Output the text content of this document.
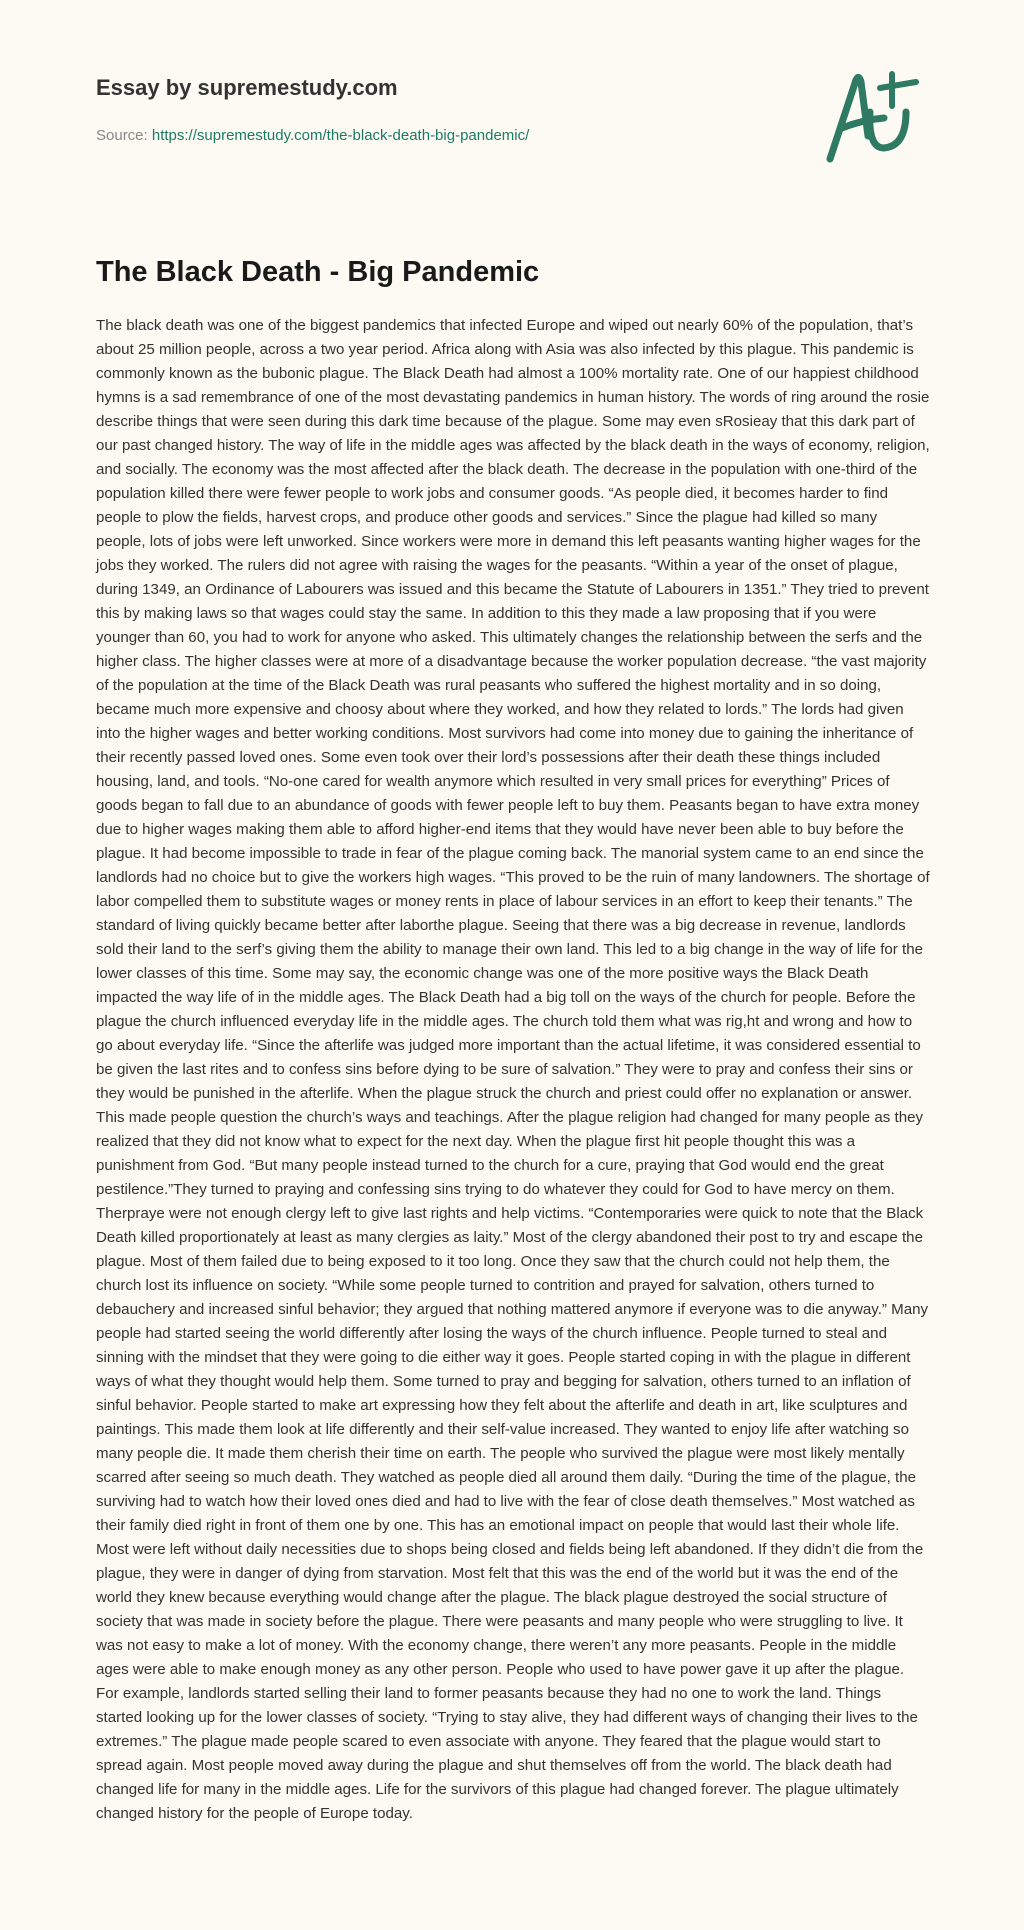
Essay by supremestudy.com
Source: https://supremestudy.com/the-black-death-big-pandemic/
The Black Death - Big Pandemic

The black death was one of the biggest pandemics that infected Europe and wiped out nearly 60% of the population, that’s about 25 million people, across a two year period. Africa along with Asia was also infected by this plague. This pandemic is commonly known as the bubonic plague. The Black Death had almost a 100% mortality rate. One of our happiest childhood hymns is a sad remembrance of one of the most devastating pandemics in human history. The words of ring around the rosie describe things that were seen during this dark time because of the plague. Some may even sRosieay that this dark part of our past changed history. The way of life in the middle ages was affected by the black death in the ways of economy, religion, and socially. The economy was the most affected after the black death. The decrease in the population with one-third of the population killed there were fewer people to work jobs and consumer goods. “As people died, it becomes harder to find people to plow the fields, harvest crops, and produce other goods and services.” Since the plague had killed so many people, lots of jobs were left unworked. Since workers were more in demand this left peasants wanting higher wages for the jobs they worked. The rulers did not agree with raising the wages for the peasants. “Within a year of the onset of plague, during 1349, an Ordinance of Labourers was issued and this became the Statute of Labourers in 1351.” They tried to prevent this by making laws so that wages could stay the same. In addition to this they made a law proposing that if you were younger than 60, you had to work for anyone who asked. This ultimately changes the relationship between the serfs and the higher class. The higher classes were at more of a disadvantage because the worker population decrease. “the vast majority of the population at the time of the Black Death was rural peasants who suffered the highest mortality and in so doing, became much more expensive and choosy about where they worked, and how they related to lords.” The lords had given into the higher wages and better working conditions. Most survivors had come into money due to gaining the inheritance of their recently passed loved ones. Some even took over their lord’s possessions after their death these things included housing, land, and tools. “No-one cared for wealth anymore which resulted in very small prices for everything” Prices of goods began to fall due to an abundance of goods with fewer people left to buy them. Peasants began to have extra money due to higher wages making them able to afford higher-end items that they would have never been able to buy before the plague. It had become impossible to trade in fear of the plague coming back. The manorial system came to an end since the landlords had no choice but to give the workers high wages. “This proved to be the ruin of many landowners. The shortage of labor compelled them to substitute wages or money rents in place of labour services in an effort to keep their tenants.” The standard of living quickly became better after laborthe plague. Seeing that there was a big decrease in revenue, landlords sold their land to the serf’s giving them the ability to manage their own land. This led to a big change in the way of life for the lower classes of this time. Some may say, the economic change was one of the more positive ways the Black Death impacted the way life of in the middle ages. The Black Death had a big toll on the ways of the church for people. Before the plague the church influenced everyday life in the middle ages. The church told them what was rig,ht and wrong and how to go about everyday life. “Since the afterlife was judged more important than the actual lifetime, it was considered essential to be given the last rites and to confess sins before dying to be sure of salvation.” They were to pray and confess their sins or they would be punished in the afterlife. When the plague struck the church and priest could offer no explanation or answer. This made people question the church’s ways and teachings. After the plague religion had changed for many people as they realized that they did not know what to expect for the next day. When the plague first hit people thought this was a punishment from God. “But many people instead turned to the church for a cure, praying that God would end the great pestilence.”They turned to praying and confessing sins trying to do whatever they could for God to have mercy on them. Therpraye were not enough clergy left to give last rights and help victims. “Contemporaries were quick to note that the Black Death killed proportionately at least as many clergies as laity.” Most of the clergy abandoned their post to try and escape the plague. Most of them failed due to being exposed to it too long. Once they saw that the church could not help them, the church lost its influence on society. “While some people turned to contrition and prayed for salvation, others turned to debauchery and increased sinful behavior; they argued that nothing mattered anymore if everyone was to die anyway.” Many people had started seeing the world differently after losing the ways of the church influence. People turned to steal and sinning with the mindset that they were going to die either way it goes. People started coping in with the plague in different ways of what they thought would help them. Some turned to pray and begging for salvation, others turned to an inflation of sinful behavior. People started to make art expressing how they felt about the afterlife and death in art, like sculptures and paintings. This made them look at life differently and their self-value increased. They wanted to enjoy life after watching so many people die. It made them cherish their time on earth. The people who survived the plague were most likely mentally scarred after seeing so much death. They watched as people died all around them daily. “During the time of the plague, the surviving had to watch how their loved ones died and had to live with the fear of close death themselves.” Most watched as their family died right in front of them one by one. This has an emotional impact on people that would last their whole life. Most were left without daily necessities due to shops being closed and fields being left abandoned. If they didn’t die from the plague, they were in danger of dying from starvation. Most felt that this was the end of the world but it was the end of the world they knew because everything would change after the plague. The black plague destroyed the social structure of society that was made in society before the plague. There were peasants and many people who were struggling to live. It was not easy to make a lot of money. With the economy change, there weren’t any more peasants. People in the middle ages were able to make enough money as any other person. People who used to have power gave it up after the plague. For example, landlords started selling their land to former peasants because they had no one to work the land. Things started looking up for the lower classes of society. “Trying to stay alive, they had different ways of changing their lives to the extremes.” The plague made people scared to even associate with anyone. They feared that the plague would start to spread again. Most people moved away during the plague and shut themselves off from the world. The black death had changed life for many in the middle ages. Life for the survivors of this plague had changed forever. The plague ultimately changed history for the people of Europe today.
